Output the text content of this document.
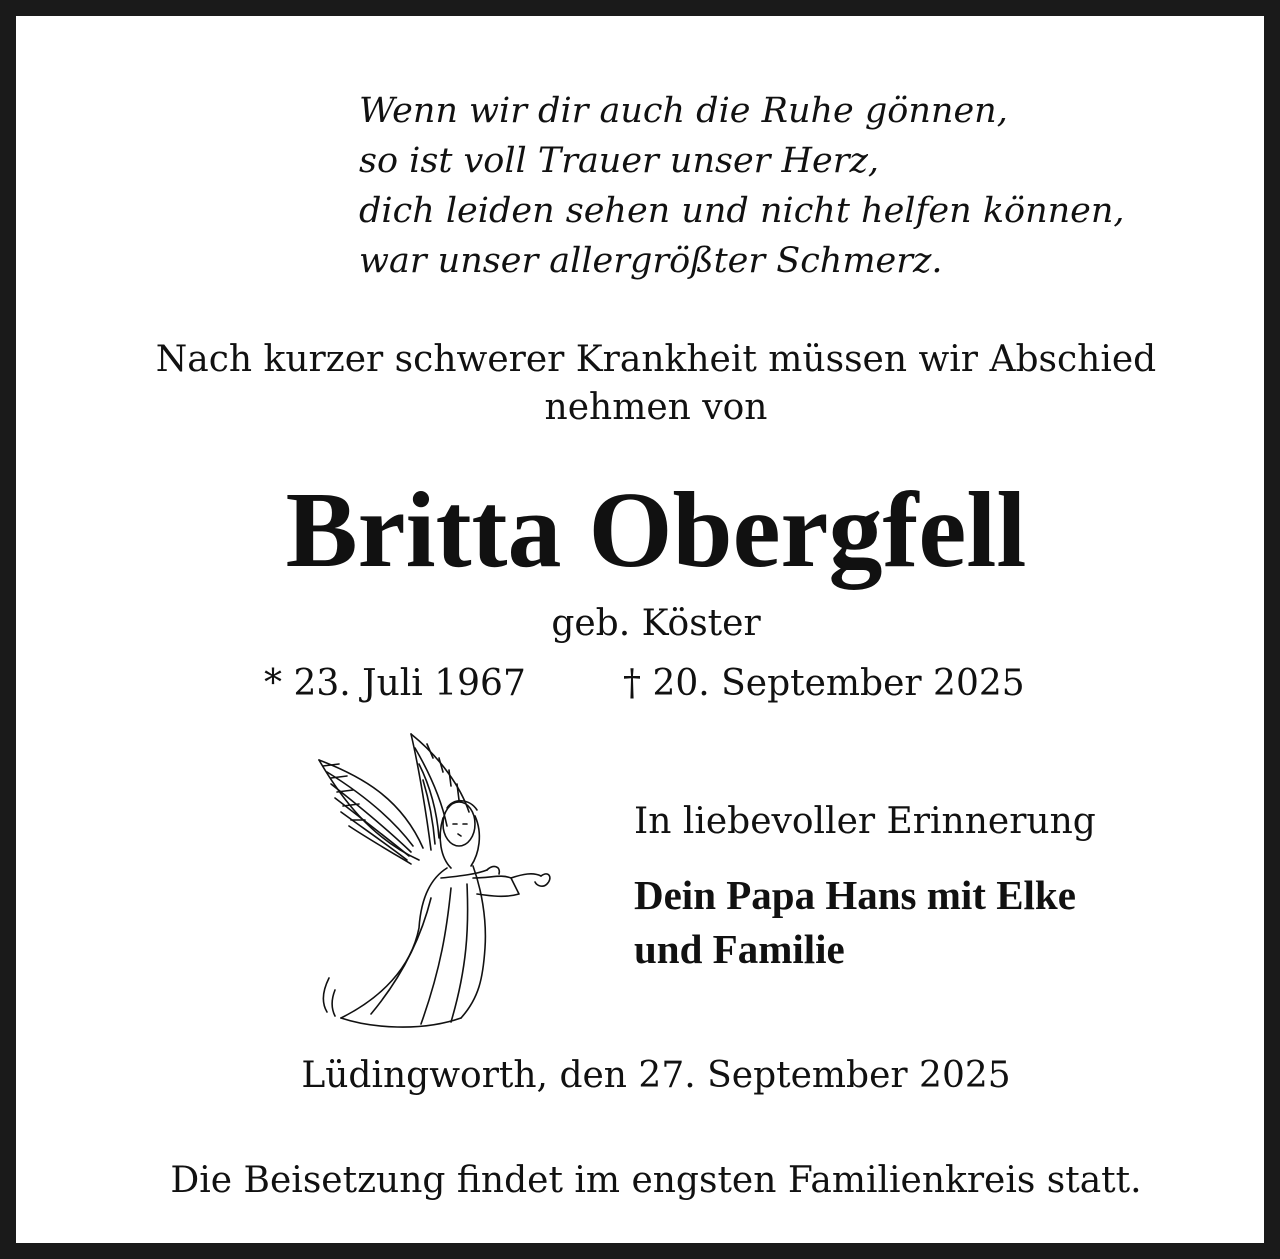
Wenn wir dir auch die Ruhe gönnen,
so ist voll Trauer unser Herz,
dich leiden sehen und nicht helfen können,
war unser allergrößter Schmerz.
Nach kurzer schwerer Krankheit müssen wir Abschied
nehmen von
Britta Obergfell
geb. Köster
* 23. Juli 1967	† 20. September 2025
In liebevoller Erinnerung
Dein Papa Hans mit Elke
und Familie
Lüdingworth, den 27. September 2025
Die Beisetzung findet im engsten Familienkreis statt.
